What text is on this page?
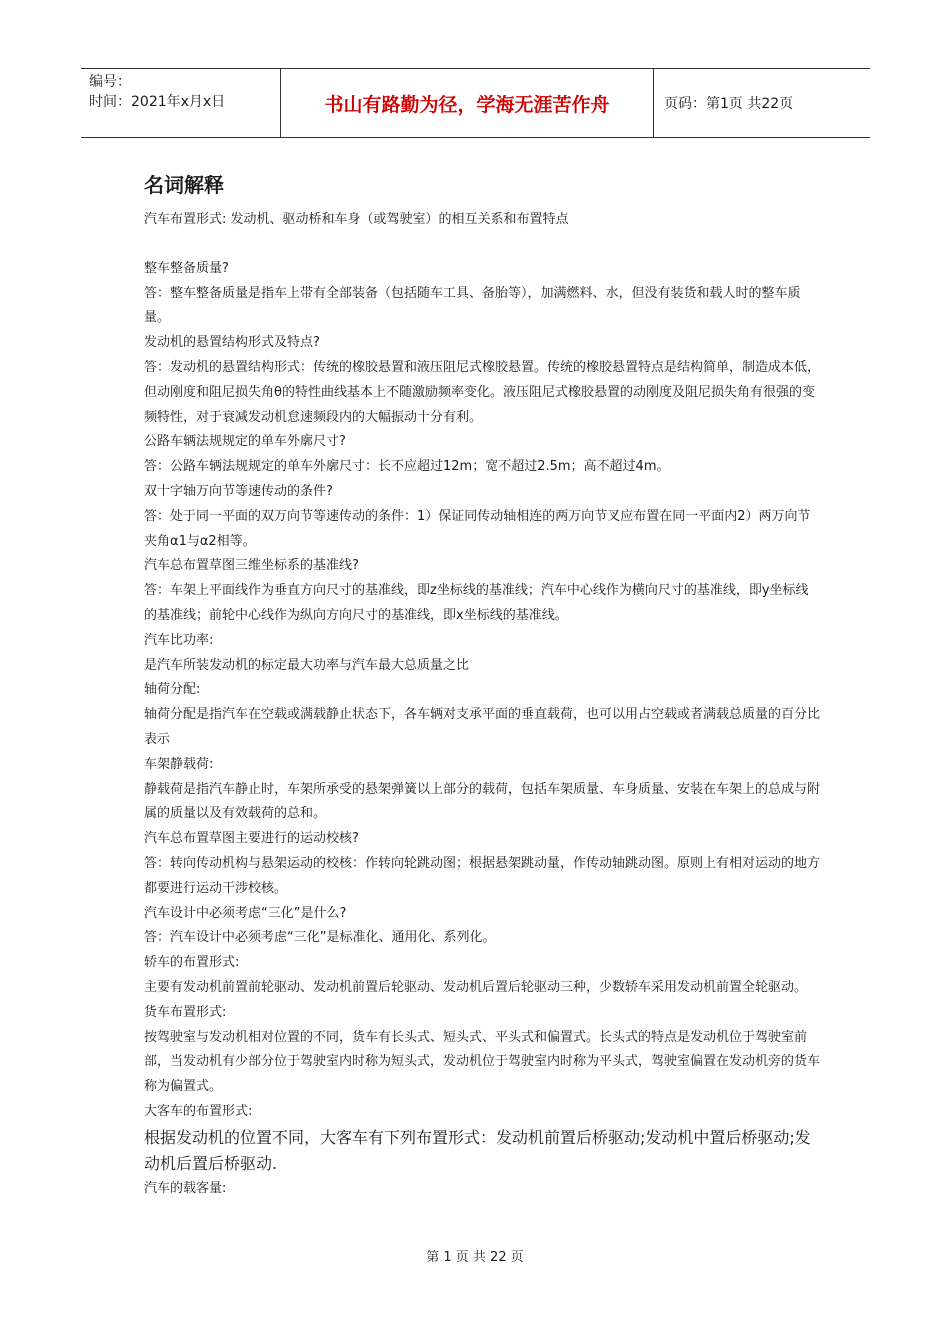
编号：
时间：2021年x月x日	书山有路勤为径，学海无涯苦作舟	页码：第1页 共22页
名词解释

汽车布置形式: 发动机、驱动桥和车身（或驾驶室）的相互关系和布置特点

整车整备质量?

答：整车整备质量是指车上带有全部装备（包括随车工具、备胎等），加满燃料、水，但没有装货和载人时的整车质量。

发动机的悬置结构形式及特点?

答：发动机的悬置结构形式：传统的橡胶悬置和液压阻尼式橡胶悬置。传统的橡胶悬置特点是结构简单，制造成本低，但动刚度和阻尼损失角θ的特性曲线基本上不随激励频率变化。液压阻尼式橡胶悬置的动刚度及阻尼损失角有很强的变频特性，对于衰减发动机怠速频段内的大幅振动十分有利。

公路车辆法规规定的单车外廓尺寸?

答：公路车辆法规规定的单车外廓尺寸：长不应超过12m；宽不超过2.5m；高不超过4m。

双十字轴万向节等速传动的条件?

答：处于同一平面的双万向节等速传动的条件：1）保证同传动轴相连的两万向节叉应布置在同一平面内2）两万向节夹角α1与α2相等。

汽车总布置草图三维坐标系的基准线?

答：车架上平面线作为垂直方向尺寸的基准线，即z坐标线的基准线；汽车中心线作为横向尺寸的基准线，即y坐标线的基准线；前轮中心线作为纵向方向尺寸的基准线，即x坐标线的基准线。

汽车比功率:

是汽车所装发动机的标定最大功率与汽车最大总质量之比

轴荷分配:

轴荷分配是指汽车在空载或满载静止状态下，各车辆对支承平面的垂直载荷，也可以用占空载或者满载总质量的百分比表示

车架静载荷:

静载荷是指汽车静止时，车架所承受的悬架弹簧以上部分的载荷，包括车架质量、车身质量、安装在车架上的总成与附属的质量以及有效载荷的总和。

汽车总布置草图主要进行的运动校核?

答：转向传动机构与悬架运动的校核：作转向轮跳动图；根据悬架跳动量，作传动轴跳动图。原则上有相对运动的地方都要进行运动干涉校核。

汽车设计中必须考虑“三化”是什么?

答：汽车设计中必须考虑“三化”是标准化、通用化、系列化。

轿车的布置形式:

主要有发动机前置前轮驱动、发动机前置后轮驱动、发动机后置后轮驱动三种，少数轿车采用发动机前置全轮驱动。

货车布置形式:

按驾驶室与发动机相对位置的不同，货车有长头式、短头式、平头式和偏置式。长头式的特点是发动机位于驾驶室前部，当发动机有少部分位于驾驶室内时称为短头式，发动机位于驾驶室内时称为平头式，驾驶室偏置在发动机旁的货车称为偏置式。

大客车的布置形式:

根据发动机的位置不同，大客车有下列布置形式：发动机前置后桥驱动;发动机中置后桥驱动;发动机后置后桥驱动.

汽车的载客量:

第 1 页 共 22 页
